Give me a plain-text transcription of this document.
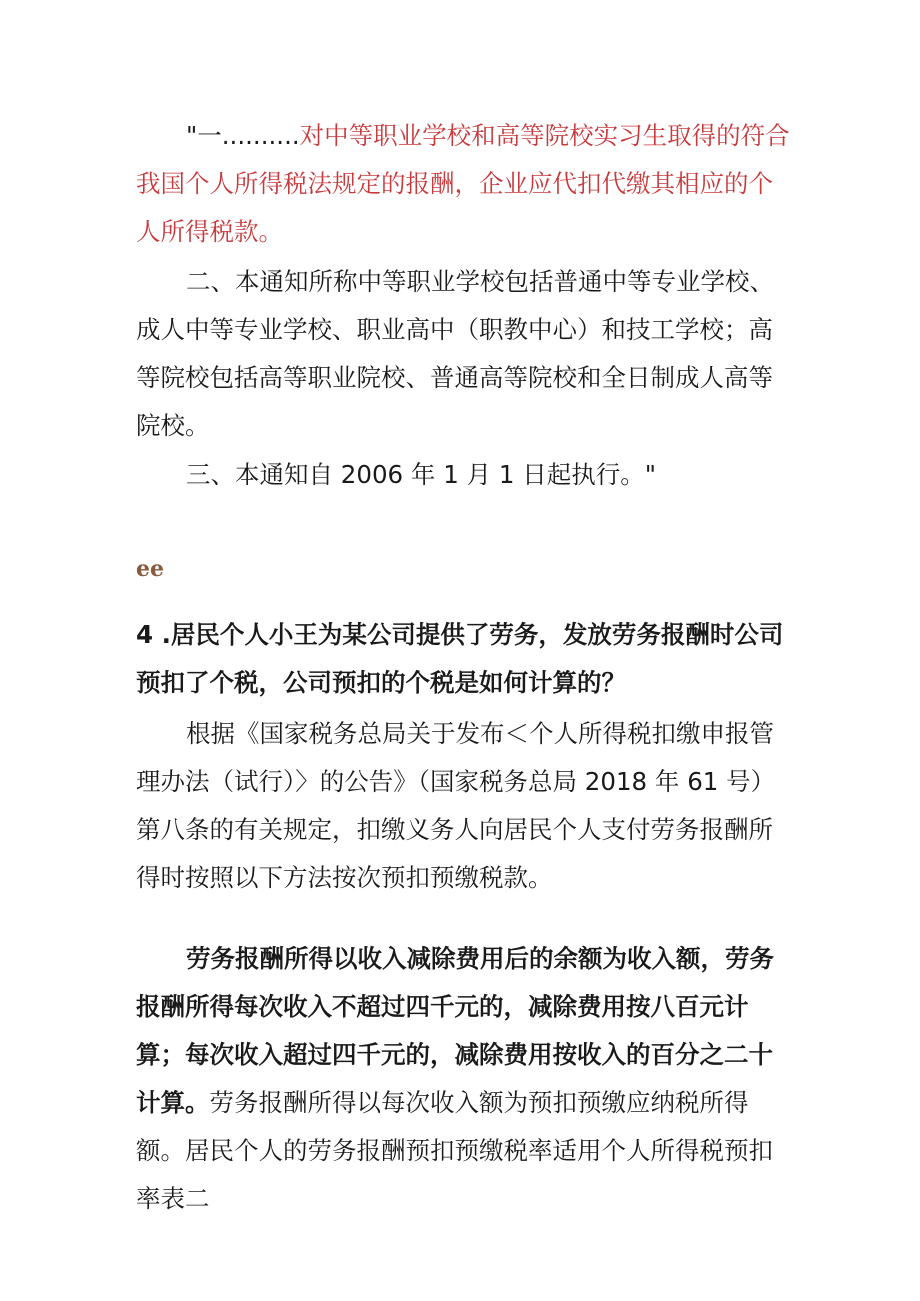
"一..........对中等职业学校和高等院校实习生取得的符合我国个人所得税法规定的报酬，企业应代扣代缴其相应的个人所得税款。

二、本通知所称中等职业学校包括普通中等专业学校、成人中等专业学校、职业高中（职教中心）和技工学校；高等院校包括高等职业院校、普通高等院校和全日制成人高等院校。

三、本通知自 2006 年 1 月 1 日起执行。"

ee

4 .居民个人小王为某公司提供了劳务，发放劳务报酬时公司预扣了个税，公司预扣的个税是如何计算的？

根据《国家税务总局关于发布＜个人所得税扣缴申报管理办法（试行）〉的公告》（国家税务总局 2018 年 61 号）第八条的有关规定，扣缴义务人向居民个人支付劳务报酬所得时按照以下方法按次预扣预缴税款。

劳务报酬所得以收入减除费用后的余额为收入额，劳务报酬所得每次收入不超过四千元的，减除费用按八百元计算；每次收入超过四千元的，减除费用按收入的百分之二十计算。劳务报酬所得以每次收入额为预扣预缴应纳税所得额。居民个人的劳务报酬预扣预缴税率适用个人所得税预扣率表二
